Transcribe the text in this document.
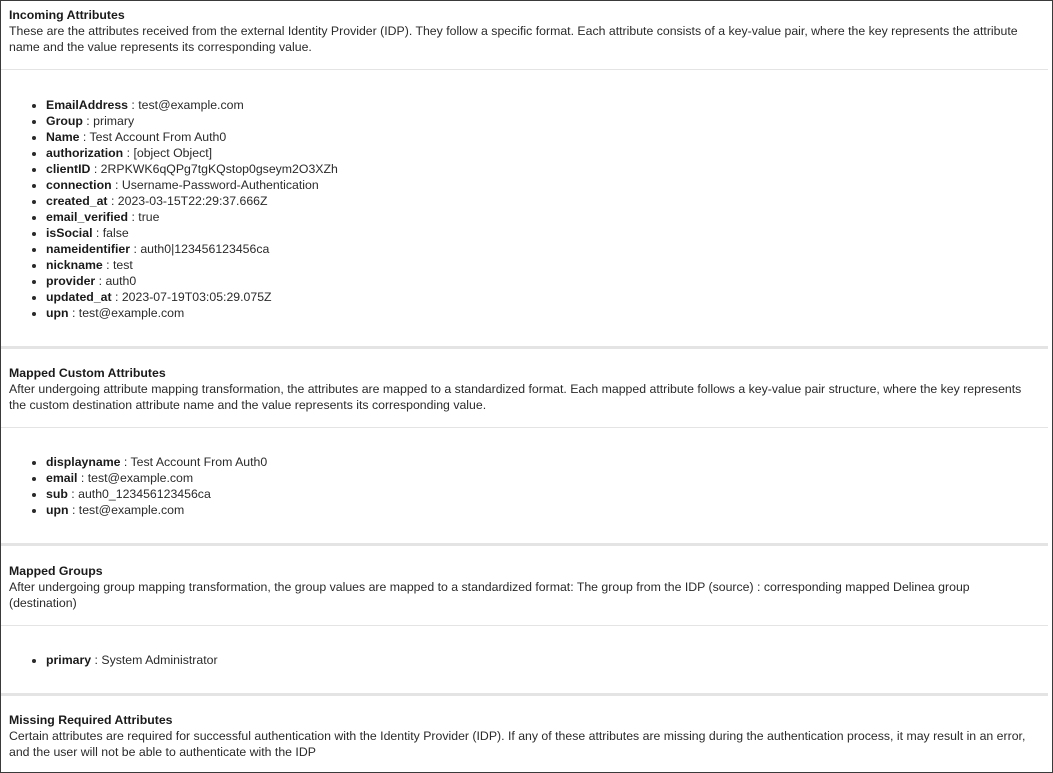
Incoming Attributes

These are the attributes received from the external Identity Provider (IDP). They follow a specific format. Each attribute consists of a key-value pair, where the key represents the attribute name and the value represents its corresponding value.

• EmailAddress : test@example.com
• Group : primary
• Name : Test Account From Auth0
• authorization : [object Object]
• clientID : 2RPKWK6qQPg7tgKQstop0gseym2O3XZh
• connection : Username-Password-Authentication
• created_at : 2023-03-15T22:29:37.666Z
• email_verified : true
• isSocial : false
• nameidentifier : auth0|123456123456ca
• nickname : test
• provider : auth0
• updated_at : 2023-07-19T03:05:29.075Z
• upn : test@example.com

Mapped Custom Attributes

After undergoing attribute mapping transformation, the attributes are mapped to a standardized format. Each mapped attribute follows a key-value pair structure, where the key represents the custom destination attribute name and the value represents its corresponding value.

• displayname : Test Account From Auth0
• email : test@example.com
• sub : auth0_123456123456ca
• upn : test@example.com

Mapped Groups

After undergoing group mapping transformation, the group values are mapped to a standardized format: The group from the IDP (source) : corresponding mapped Delinea group (destination)

• primary : System Administrator

Missing Required Attributes

Certain attributes are required for successful authentication with the Identity Provider (IDP). If any of these attributes are missing during the authentication process, it may result in an error, and the user will not be able to authenticate with the IDP
